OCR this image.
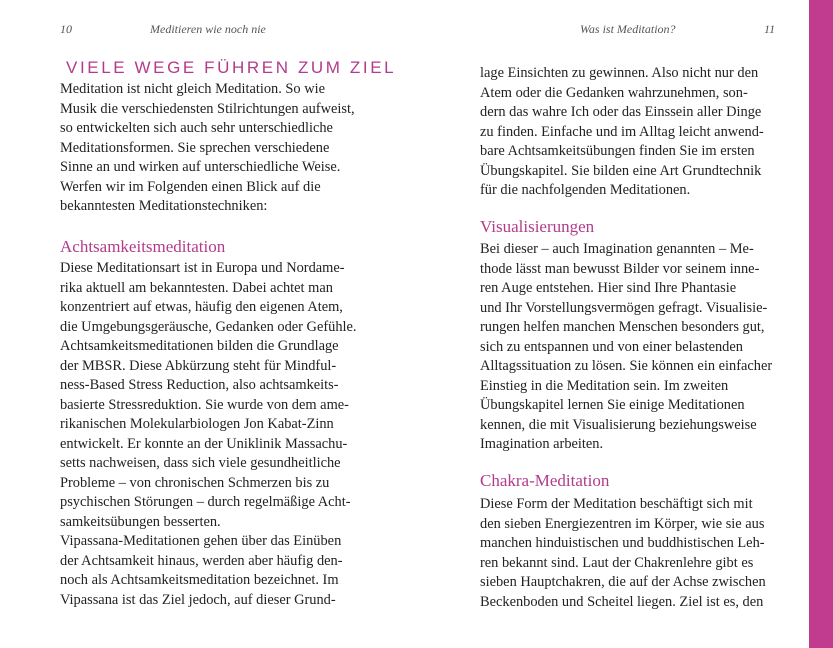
10	Meditieren wie noch nie
VIELE WEGE FÜHREN ZUM ZIEL
Meditation ist nicht gleich Meditation. So wie
Musik die verschiedensten Stilrichtungen aufweist,
so entwickelten sich auch sehr unterschiedliche
Meditationsformen. Sie sprechen verschiedene
Sinne an und wirken auf unterschiedliche Weise.
Werfen wir im Folgenden einen Blick auf die
bekanntesten Meditationstechniken:
Achtsamkeitsmeditation
Diese Meditationsart ist in Europa und Nordame-
rika aktuell am bekanntesten. Dabei achtet man
konzentriert auf etwas, häufig den eigenen Atem,
die Umgebungsgeräusche, Gedanken oder Gefühle.
Achtsamkeitsmeditationen bilden die Grundlage
der MBSR. Diese Abkürzung steht für Mindful-
ness-Based Stress Reduction, also achtsamkeits-
basierte Stressreduktion. Sie wurde von dem ame-
rikanischen Molekularbiologen Jon Kabat-Zinn
entwickelt. Er konnte an der Uniklinik Massachu-
setts nachweisen, dass sich viele gesundheitliche
Probleme – von chronischen Schmerzen bis zu
psychischen Störungen – durch regelmäßige Acht-
samkeitsübungen besserten.
Vipassana-Meditationen gehen über das Einüben
der Achtsamkeit hinaus, werden aber häufig den-
noch als Achtsamkeitsmeditation bezeichnet. Im
Vipassana ist das Ziel jedoch, auf dieser Grund-
Was ist Meditation?	11
lage Einsichten zu gewinnen. Also nicht nur den
Atem oder die Gedanken wahrzunehmen, son-
dern das wahre Ich oder das Einssein aller Dinge
zu finden. Einfache und im Alltag leicht anwend-
bare Achtsamkeitsübungen finden Sie im ersten
Übungskapitel. Sie bilden eine Art Grundtechnik
für die nachfolgenden Meditationen.
Visualisierungen
Bei dieser – auch Imagination genannten – Me-
thode lässt man bewusst Bilder vor seinem inne-
ren Auge entstehen. Hier sind Ihre Phantasie
und Ihr Vorstellungsvermögen gefragt. Visualisie-
rungen helfen manchen Menschen besonders gut,
sich zu entspannen und von einer belastenden
Alltagssituation zu lösen. Sie können ein einfacher
Einstieg in die Meditation sein. Im zweiten
Übungskapitel lernen Sie einige Meditationen
kennen, die mit Visualisierung beziehungsweise
Imagination arbeiten.
Chakra-Meditation
Diese Form der Meditation beschäftigt sich mit
den sieben Energiezentren im Körper, wie sie aus
manchen hinduistischen und buddhistischen Leh-
ren bekannt sind. Laut der Chakrenlehre gibt es
sieben Hauptchakren, die auf der Achse zwischen
Beckenboden und Scheitel liegen. Ziel ist es, den
